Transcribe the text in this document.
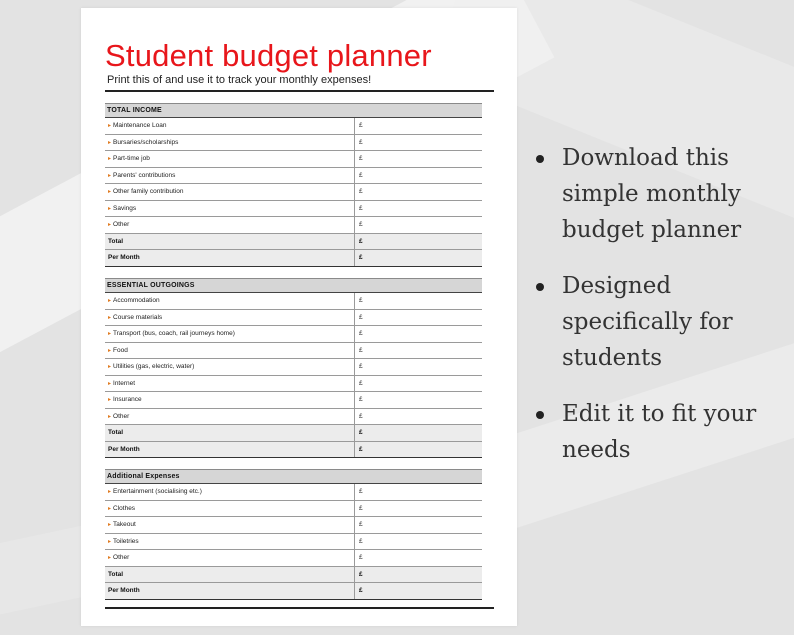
Student budget planner
Print this of and use it to track your monthly expenses!
TOTAL INCOME
▸ Maintenance Loan	£
▸ Bursaries/scholarships	£
▸ Part-time job	£
▸ Parents' contributions	£
▸ Other family contribution	£
▸ Savings	£
▸ Other	£
Total	£
Per Month	£
ESSENTIAL OUTGOINGS
▸ Accommodation	£
▸ Course materials	£
▸ Transport (bus, coach, rail journeys home)	£
▸ Food	£
▸ Utilities (gas, electric, water)	£
▸ Internet	£
▸ Insurance	£
▸ Other	£
Total	£
Per Month	£
Additional Expenses
▸ Entertainment (socialising etc.)	£
▸ Clothes	£
▸ Takeout	£
▸ Toiletries	£
▸ Other	£
Total	£
Per Month	£
Download this simple monthly budget planner
Designed specifically for students
Edit it to fit your needs
